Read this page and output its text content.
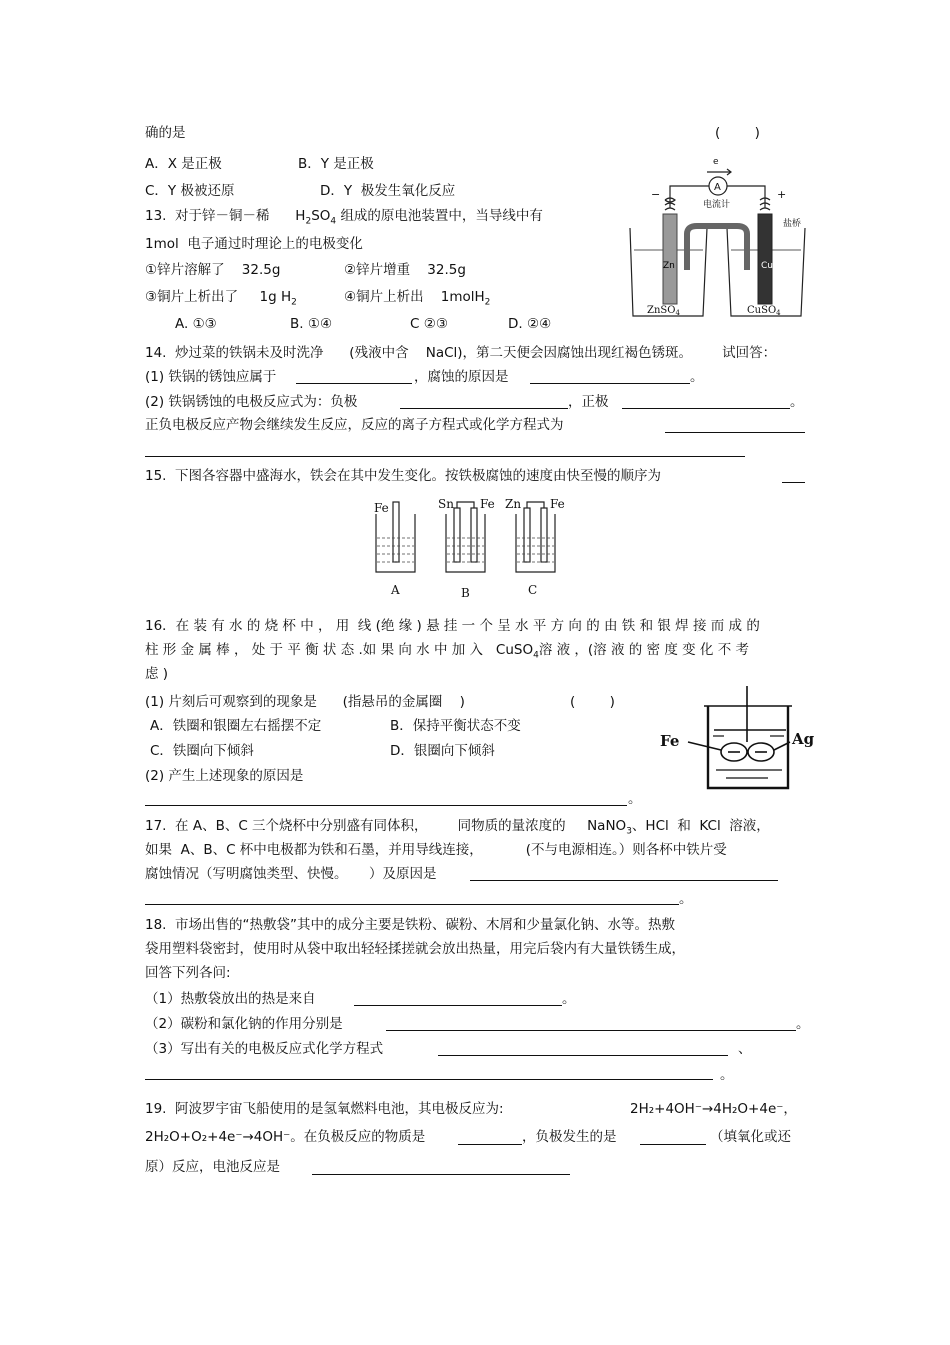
确的是	(        )
A．X 是正极	B．Y 是正极
C．Y 极被还原	D．Y  极发生氧化反应
13.  对于锌－铜－稀      $H_2SO_4$ 组成的原电池装置中，当导线中有
1mol  电子通过时理论上的电极变化
①锌片溶解了    32.5g	②锌片增重    32.5g
③铜片上析出了     1g $H_2$	④铜片上析出    1molH$_2$
A. ①③	B. ①④	C ②③	D. ②④
e
A
电流计
−	+
盐桥
Zn	Cu
ZnSO$_4$	CuSO$_4$
14.  炒过菜的铁锅未及时洗净      (残液中含    NaCl)，第二天便会因腐蚀出现红褐色锈斑。       试回答：
(1) 铁锅的锈蚀应属于	，腐蚀的原因是	。
(2) 铁锅锈蚀的电极反应式为：负极	，正极	。
正负电极反应产物会继续发生反应，反应的离子方程式或化学方程式为
15.  下图各容器中盛海水，铁会在其中发生变化。按铁极腐蚀的速度由快至慢的顺序为
Fe	Sn Fe Zn Fe
A	B	C
16．在 装 有 水 的 烧 杯 中 ， 用  线 (绝 缘 ) 悬 挂 一 个 呈 水 平 方 向 的 由 铁 和 银 焊 接 而 成 的
柱 形 金 属 棒 ， 处 于 平 衡 状 态 .如 果 向 水 中 加 入   CuSO$_4$溶 液 ，(溶 液 的 密 度 变 化 不 考
虑 )
(1) 片刻后可观察到的现象是      (指悬吊的金属圈    )	(        )
A．铁圈和银圈左右摇摆不定	B．保持平衡状态不变
C．铁圈向下倾斜	D．银圈向下倾斜
(2) 产生上述现象的原因是
。
Fe	Ag
17.  在 A、B、C 三个烧杯中分别盛有同体积，       同物质的量浓度的 NaNO$_3$、HCl  和  KCl  溶液，
如果  A、B、C 杯中电极都为铁和石墨，并用导线连接，          (不与电源相连。）则各杯中铁片受
腐蚀情况（写明腐蚀类型、快慢。     ）及原因是
。
18.  市场出售的“热敷袋”其中的成分主要是铁粉、碳粉、木屑和少量氯化钠、水等。热敷
袋用塑料袋密封，使用时从袋中取出轻轻揉搓就会放出热量，用完后袋内有大量铁锈生成，
回答下列各问:
（1）热敷袋放出的热是来自	。
（2）碳粉和氯化钠的作用分别是	。
（3）写出有关的电极反应式化学方程式	、
。
19.  阿波罗宇宙飞船使用的是氢氧燃料电池，其电极反应为:	2H₂+4OH⁻→4H₂O+4e⁻，
2H₂O+O₂+4e⁻→4OH⁻。在负极反应的物质是	，负极发生的是	（填氧化或还
原）反应，电池反应是
